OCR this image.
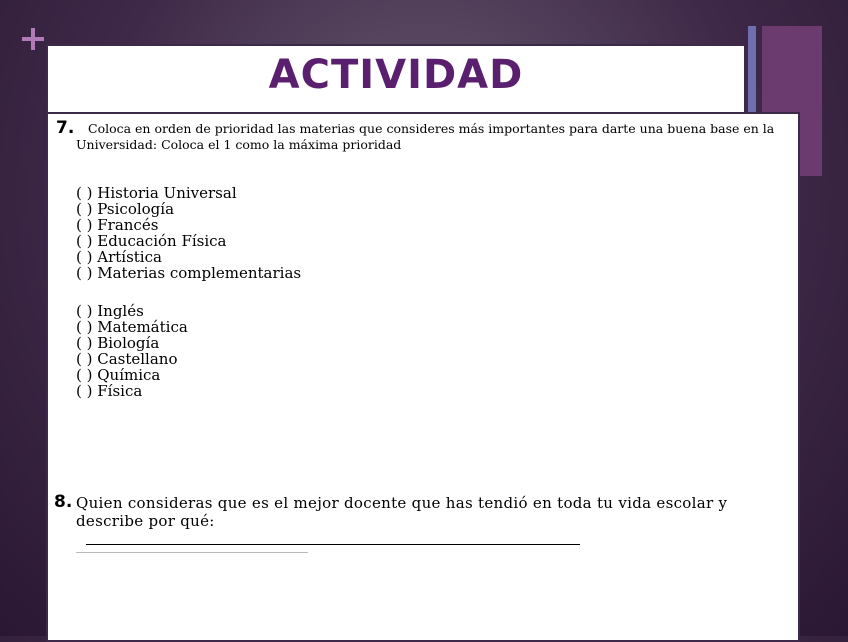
ACTIVIDAD
7.	Coloca en orden de prioridad las materias que consideres más importantes para darte una buena base en la Universidad: Coloca el 1 como la máxima prioridad
( ) Historia Universal
( ) Psicología
( ) Francés
( ) Educación Física
( ) Artística
( ) Materias complementarias
( ) Inglés
( ) Matemática
( ) Biología
( ) Castellano
( ) Química
( ) Física
8. Quien consideras que es el mejor docente que has tendió en toda tu vida escolar y describe por qué:
